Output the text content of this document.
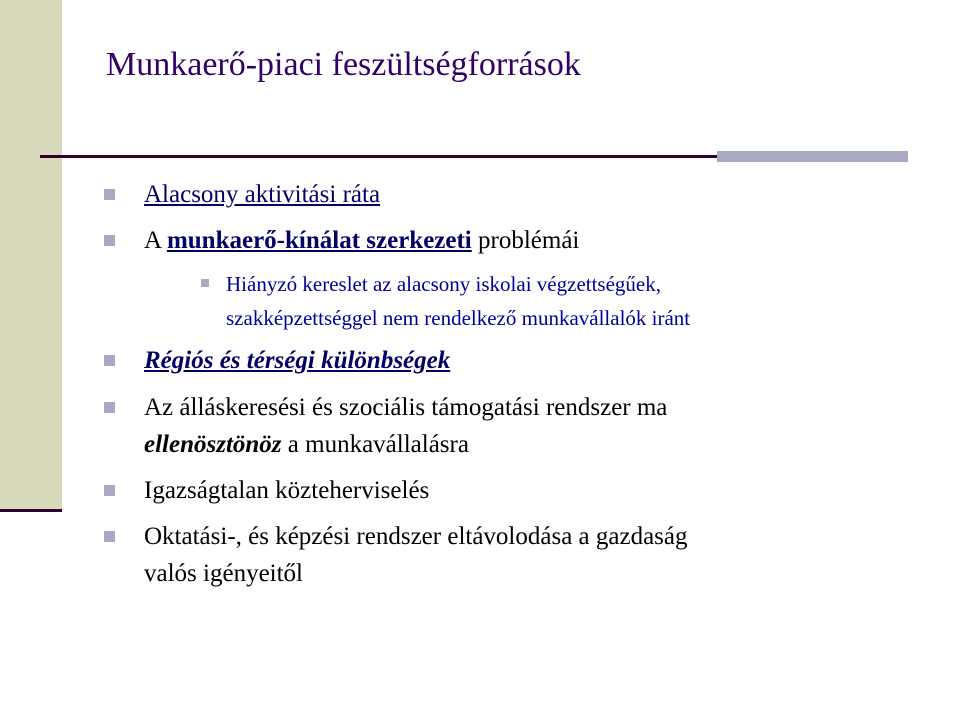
Munkaerő-piaci feszültségforrások
Alacsony aktivitási ráta
A munkaerő-kínálat szerkezeti problémái
Hiányzó kereslet az alacsony iskolai végzettségűek,
szakképzettséggel nem rendelkező munkavállalók iránt
Régiós és térségi különbségek
Az álláskeresési és szociális támogatási rendszer ma
ellenösztönöz a munkavállalásra
Igazságtalan közteherviselés
Oktatási-, és képzési rendszer eltávolodása a gazdaság
valós igényeitől
